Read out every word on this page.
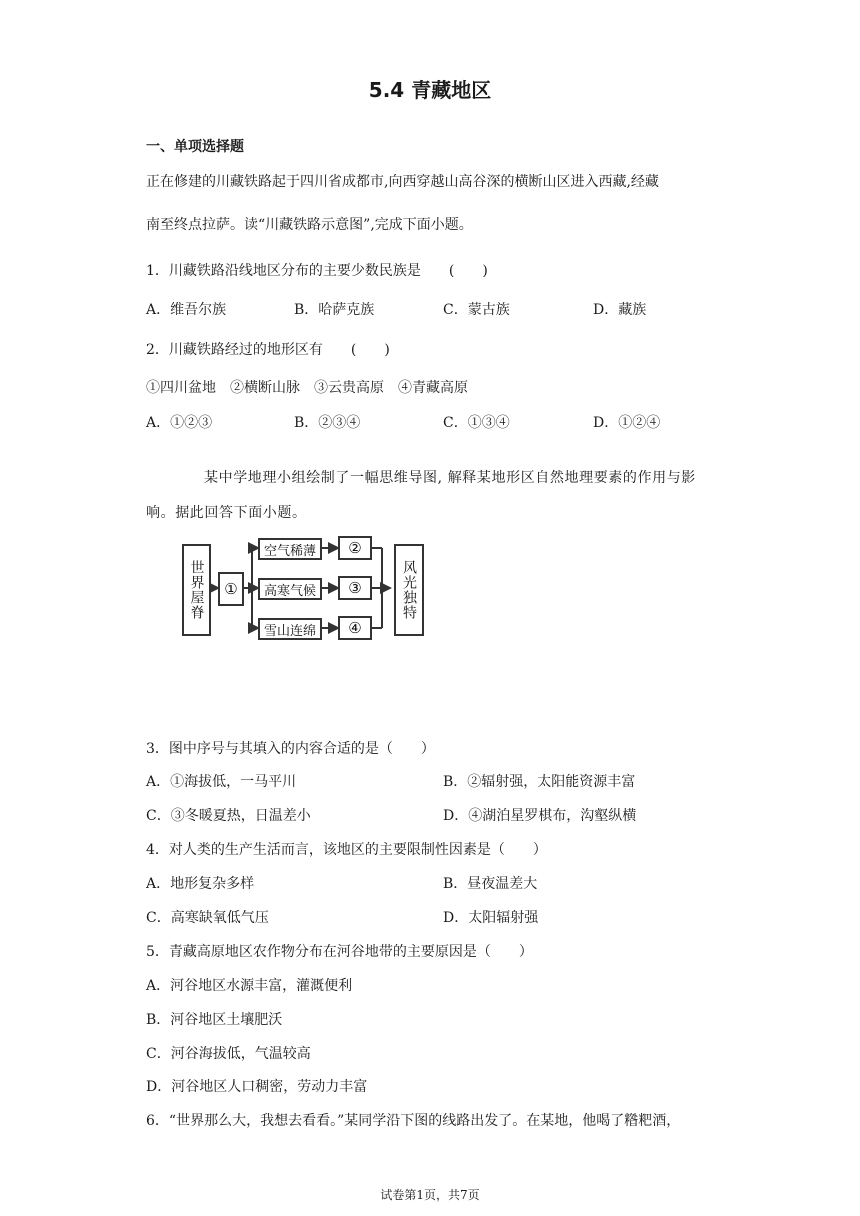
5.4 青藏地区
一、单项选择题
正在修建的川藏铁路起于四川省成都市,向西穿越山高谷深的横断山区进入西藏,经藏
南至终点拉萨。读“川藏铁路示意图”,完成下面小题。
1．川藏铁路沿线地区分布的主要少数民族是　　(　　)
A．维吾尔族	B．哈萨克族	C．蒙古族	D．藏族
2．川藏铁路经过的地形区有　　(　　)
①四川盆地　②横断山脉　③云贵高原　④青藏高原
A．①②③	B．②③④	C．①③④	D．①②④
某中学地理小组绘制了一幅思维导图, 解释某地形区自然地理要素的作用与影
响。据此回答下面小题。
世界屋脊 ①
空气稀薄
高寒气候
雪山连绵
②
③
④
风光独特
3．图中序号与其填入的内容合适的是（　　）
A．①海拔低，一马平川	B．②辐射强，太阳能资源丰富
C．③冬暖夏热，日温差小	D．④湖泊星罗棋布，沟壑纵横
4．对人类的生产生活而言，该地区的主要限制性因素是（　　）
A．地形复杂多样	B．昼夜温差大
C．高寒缺氧低气压	D．太阳辐射强
5．青藏高原地区农作物分布在河谷地带的主要原因是（　　）
A．河谷地区水源丰富，灌溉便利
B．河谷地区土壤肥沃
C．河谷海拔低，气温较高
D．河谷地区人口稠密，劳动力丰富
6．“世界那么大，我想去看看。”某同学沿下图的线路出发了。在某地，他喝了糌粑酒，
试卷第1页，共7页
